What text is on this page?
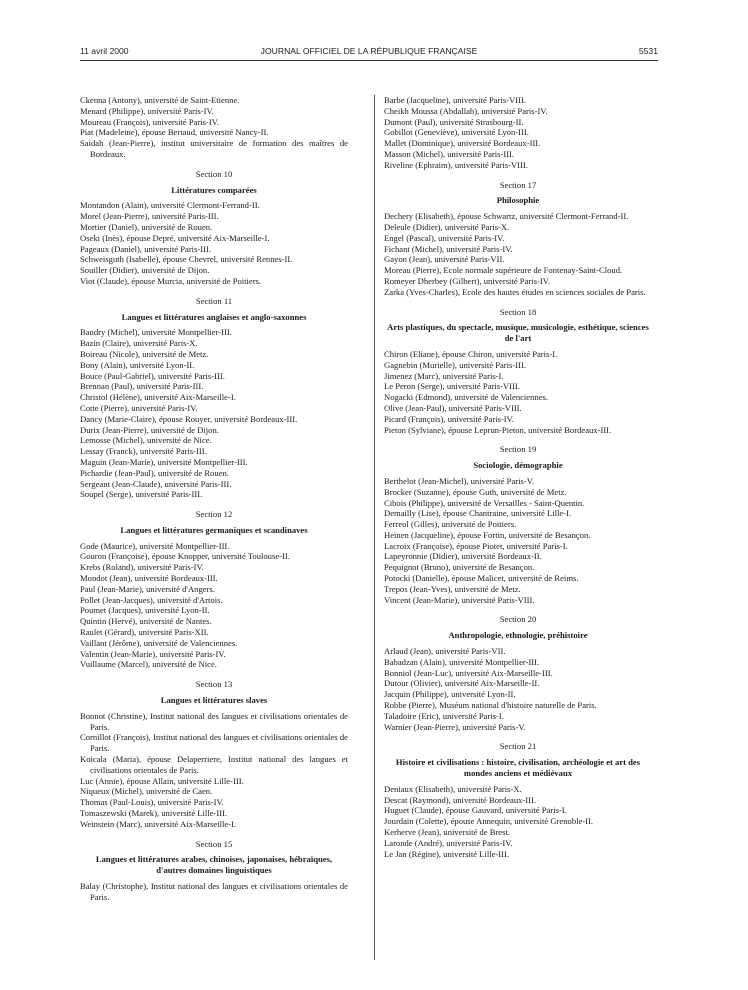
11 avril 2000	JOURNAL OFFICIEL DE LA RÉPUBLIQUE FRANÇAISE	5531
Ckenna (Antony), université de Saint-Etienne.
Menard (Philippe), université Paris-IV.
Moureau (François), université Paris-IV.
Piat (Madeleine), épouse Bertaud, université Nancy-II.
Saidah (Jean-Pierre), institut universitaire de formation des maîtres de Bordeaux.
Section 10
Littératures comparées
Montandon (Alain), université Clermont-Ferrand-II.
Morel (Jean-Pierre), université Paris-III.
Mortier (Daniel), université de Rouen.
Oseki (Inès), épouse Depré, université Aix-Marseille-I.
Pageaux (Daniel), université Paris-III.
Schweisguth (Isabelle), épouse Chevrel, université Rennes-II.
Souiller (Didier), université de Dijon.
Viot (Claude), épouse Murcia, université de Poitiers.
Section 11
Langues et littératures anglaises et anglo-saxonnes
Bandry (Michel), université Montpellier-III.
Bazin (Claire), université Paris-X.
Boireau (Nicole), université de Metz.
Bony (Alain), université Lyon-II.
Bouce (Paul-Gabriel), université Paris-III.
Brennan (Paul), université Paris-III.
Christol (Hélène), université Aix-Marseille-I.
Cotte (Pierre), université Paris-IV.
Dancy (Marie-Claire), épouse Rouyer, université Bordeaux-III.
Durix (Jean-Pierre), université de Dijon.
Lemosse (Michel), université de Nice.
Lessay (Franck), université Paris-III.
Maguin (Jean-Marie), université Montpellier-III.
Pichardie (Jean-Paul), université de Rouen.
Sergeant (Jean-Claude), université Paris-III.
Soupel (Serge), université Paris-III.
Section 12
Langues et littératures germaniques et scandinaves
Gode (Maurice), université Montpellier-III.
Gouron (Françoise), épouse Knopper, université Toulouse-II.
Krebs (Roland), université Paris-IV.
Mondot (Jean), université Bordeaux-III.
Paul (Jean-Marie), université d'Angers.
Pollet (Jean-Jacques), université d'Artois.
Poumet (Jacques), université Lyon-II.
Quintin (Hervé), université de Nantes.
Raulet (Gérard), université Paris-XII.
Vaillant (Jérôme), université de Valenciennes.
Valentin (Jean-Marie), université Paris-IV.
Vuillaume (Marcel), université de Nice.
Section 13
Langues et littératures slaves
Bonnot (Christine), Institut national des langues et civilisations orientales de Paris.
Cornillot (François), Institut national des langues et civilisations orientales de Paris.
Koicala (Maria), épouse Delaperriere, Institut national des langues et civilisations orientales de Paris.
Luc (Annie), épouse Allain, université Lille-III.
Niqueux (Michel), université de Caen.
Thomas (Paul-Louis), université Paris-IV.
Tomaszewski (Marek), université Lille-III.
Weinstein (Marc), université Aix-Marseille-I.
Section 15
Langues et littératures arabes, chinoises, japonaises, hébraïques, d'autres domaines linguistiques
Balay (Christophe), Institut national des langues et civilisations orientales de Paris.
Barbe (Jacqueline), université Paris-VIII.
Cheikh Moussa (Abdallah), université Paris-IV.
Dumont (Paul), université Strasbourg-II.
Gobillot (Geneviève), université Lyon-III.
Mallet (Dominique), université Bordeaux-III.
Masson (Michel), université Paris-III.
Riveline (Ephraim), université Paris-VIII.
Section 17
Philosophie
Dechery (Elisabeth), épouse Schwartz, université Clermont-Ferrand-II.
Deleule (Didier), université Paris-X.
Engel (Pascal), université Paris-IV.
Fichant (Michel), université Paris-IV.
Gayon (Jean), université Paris-VII.
Moreau (Pierre), Ecole normale supérieure de Fontenay-Saint-Cloud.
Romeyer Dherbey (Gilbert), université Paris-IV.
Zarka (Yves-Charles), Ecole des hautes études en sciences sociales de Paris.
Section 18
Arts plastiques, du spectacle, musique, musicologie, esthétique, sciences de l'art
Chiron (Eliane), épouse Chiron, université Paris-I.
Gagnebin (Murielle), université Paris-III.
Jimenez (Marc), université Paris-I.
Le Peron (Serge), université Paris-VIII.
Nogacki (Edmond), université de Valenciennes.
Olive (Jean-Paul), université Paris-VIII.
Picard (François), université Paris-IV.
Pieton (Sylviane), épouse Leprun-Pieton, université Bordeaux-III.
Section 19
Sociologie, démographie
Berthelot (Jean-Michel), université Paris-V.
Brocker (Suzanne), épouse Guth, université de Metz.
Cibois (Philippe), université de Versailles - Saint-Quentin.
Demailly (Lise), épouse Chantraine, université Lille-I.
Ferreol (Gilles), université de Poitiers.
Heinen (Jacqueline), épouse Fortin, université de Besançon.
Lacroix (Françoise), épouse Piotet, université Paris-I.
Lapeyronnie (Didier), université Bordeaux-II.
Pequignot (Bruno), université de Besançon.
Potocki (Danielle), épouse Malicet, université de Reims.
Trepos (Jean-Yves), université de Metz.
Vincent (Jean-Marie), université Paris-VIII.
Section 20
Anthropologie, ethnologie, préhistoire
Arlaud (Jean), université Paris-VII.
Babadzan (Alain), université Montpellier-III.
Bonniol (Jean-Luc), université Aix-Marseille-III.
Dutour (Olivier), université Aix-Marseille-II.
Jacquin (Philippe), université Lyon-II.
Robbe (Pierre), Muséum national d'histoire naturelle de Paris.
Taladoire (Eric), université Paris-I.
Warnier (Jean-Pierre), université Paris-V.
Section 21
Histoire et civilisations : histoire, civilisation, archéologie et art des mondes anciens et médiévaux
Deniaux (Elisabeth), université Paris-X.
Descat (Raymond), université Bordeaux-III.
Huguet (Claude), épouse Gauvard, université Paris-I.
Jourdain (Colette), épouse Annequin, université Grenoble-II.
Kerherve (Jean), université de Brest.
Laronde (André), université Paris-IV.
Le Jan (Régine), université Lille-III.
